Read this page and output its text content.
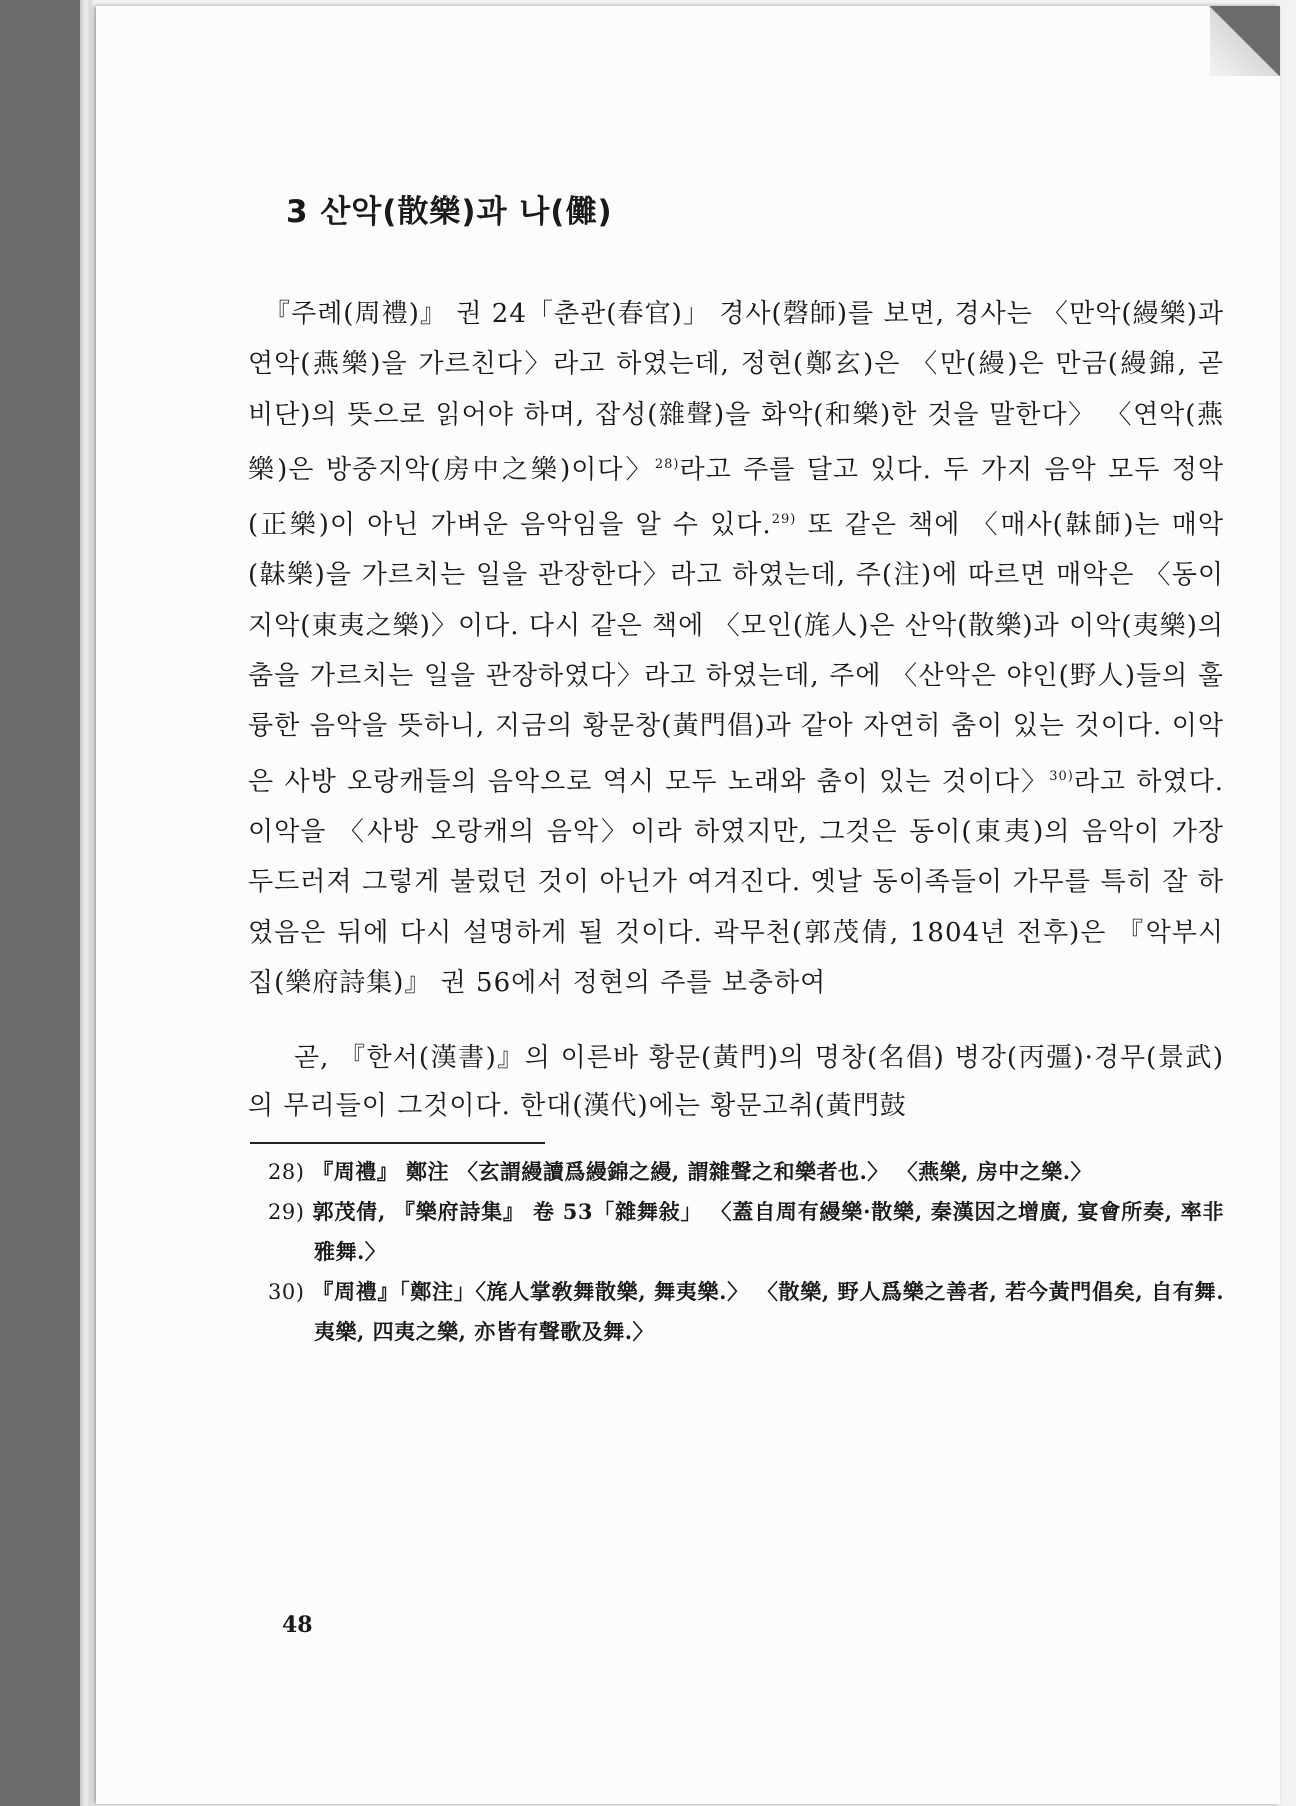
3 산악(散樂)과 나(儺)
『주례(周禮)』 권 24「춘관(春官)」 경사(磬師)를 보면, 경사는 〈만악(縵樂)과 연악(燕樂)을 가르친다〉라고 하였는데, 정현(鄭玄)은 〈만(縵)은 만금(縵錦, 곧 비단)의 뜻으로 읽어야 하며, 잡성(雜聲)을 화악(和樂)한 것을 말한다〉 〈연악(燕樂)은 방중지악(房中之樂)이다〉$^{28)}$라고 주를 달고 있다. 두 가지 음악 모두 정악(正樂)이 아닌 가벼운 음악임을 알 수 있다.$^{29)}$ 또 같은 책에 〈매사(韎師)는 매악(韎樂)을 가르치는 일을 관장한다〉라고 하였는데, 주(注)에 따르면 매악은 〈동이지악(東夷之樂)〉이다. 다시 같은 책에 〈모인(旄人)은 산악(散樂)과 이악(夷樂)의 춤을 가르치는 일을 관장하였다〉라고 하였는데, 주에 〈산악은 야인(野人)들의 훌륭한 음악을 뜻하니, 지금의 황문창(黃門倡)과 같아 자연히 춤이 있는 것이다. 이악은 사방 오랑캐들의 음악으로 역시 모두 노래와 춤이 있는 것이다〉$^{30)}$라고 하였다. 이악을 〈사방 오랑캐의 음악〉이라 하였지만, 그것은 동이(東夷)의 음악이 가장 두드러져 그렇게 불렀던 것이 아닌가 여겨진다. 옛날 동이족들이 가무를 특히 잘 하였음은 뒤에 다시 설명하게 될 것이다. 곽무천(郭茂倩, 1804년 전후)은 『악부시집(樂府詩集)』 권 56에서 정현의 주를 보충하여
곧, 『한서(漢書)』의 이른바 황문(黃門)의 명창(名倡) 병강(丙彊)·경무(景武)의 무리들이 그것이다. 한대(漢代)에는 황문고취(黃門鼓
28) 『周禮』 鄭注 〈玄謂縵讀爲縵錦之縵, 謂雜聲之和樂者也.〉 〈燕樂, 房中之樂.〉
29) 郭茂倩, 『樂府詩集』 卷 53「雜舞敍」 〈蓋自周有縵樂·散樂, 秦漢因之增廣, 宴會所奏, 率非雅舞.〉
30) 『周禮』「鄭注」〈旄人掌敎舞散樂, 舞夷樂.〉 〈散樂, 野人爲樂之善者, 若今黃門倡矣, 自有舞. 夷樂, 四夷之樂, 亦皆有聲歌及舞.〉
48
